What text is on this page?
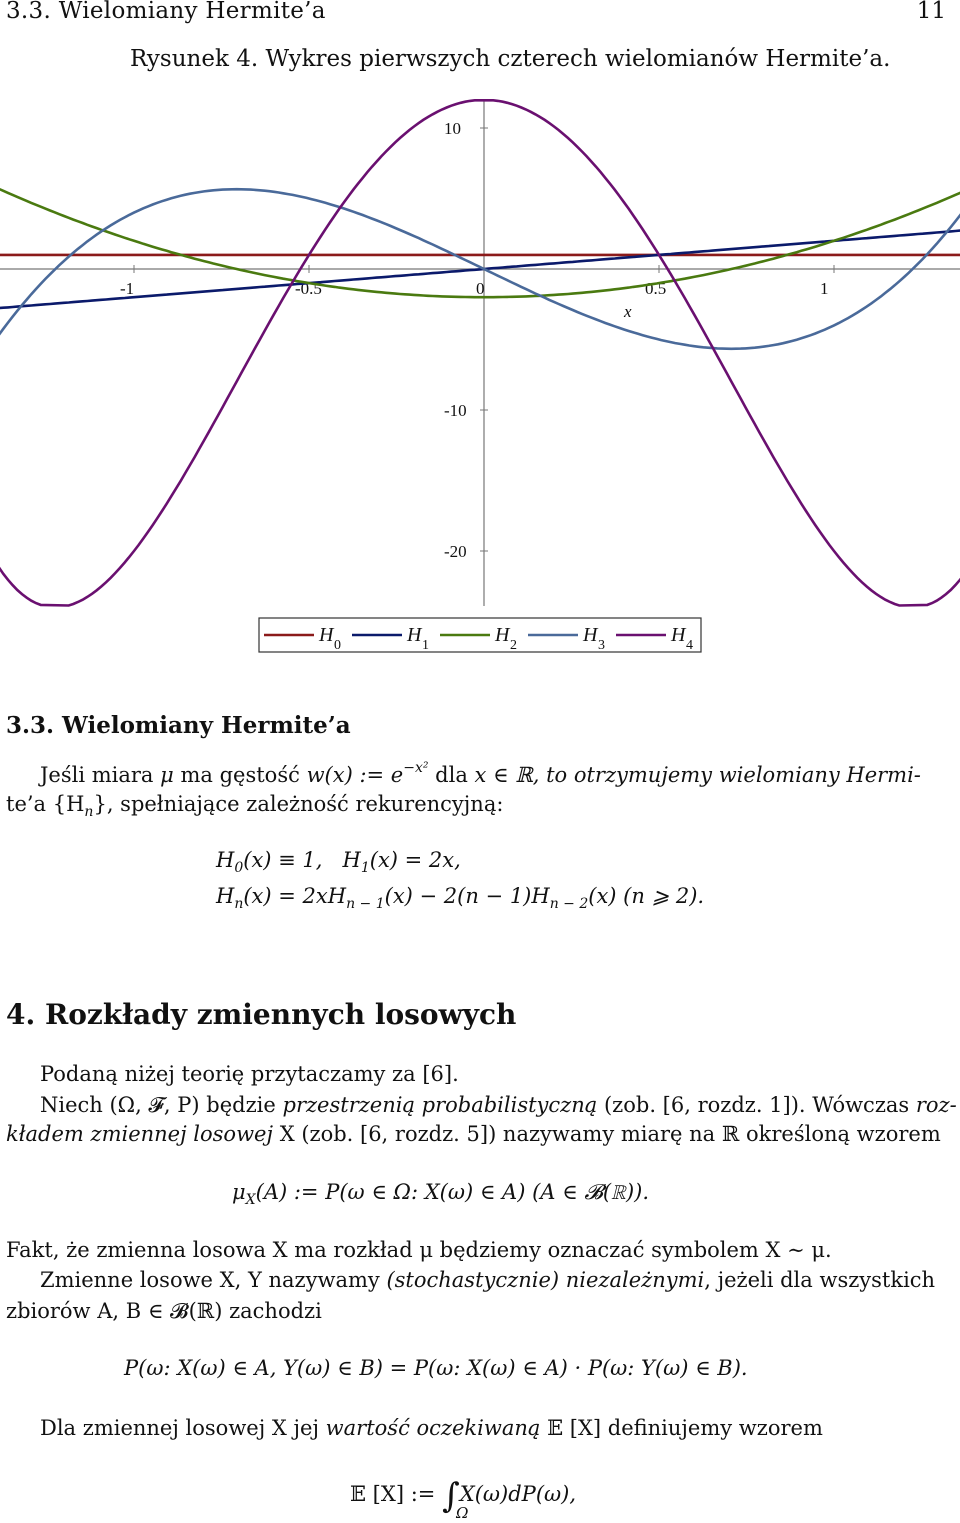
3.3. Wielomiany Hermite’a	11
Rysunek 4. Wykres pierwszych czterech wielomianów Hermite’a.
-1	-0.5	0	0.5	1
10
-10
-20
x
H 0	H 1	H 2	H 3	H 4
3.3. Wielomiany Hermite’a
Jeśli miara μ ma gęstość w(x) := $e^{-x^2}$ dla x ∈ ℝ, to otrzymujemy wielomiany Hermi-
te’a $\{H_n\}$, spełniające zależność rekurencyjną:
$H_0(x) \equiv 1$, $H_1(x) = 2x$,
$H_n(x) = 2xH_{n - 1}(x) - 2(n - 1)H_{n - 2}(x)$ (n ⩾ 2).
4. Rozkłady zmiennych losowych
Podaną niżej teorię przytaczamy za [6].
Niech (Ω, 𝓕, P) będzie przestrzenią probabilistyczną (zob. [6, rozdz. 1]). Wówczas roz-
kładem zmiennej losowej X (zob. [6, rozdz. 5]) nazywamy miarę na ℝ określoną wzorem
$\mu_X(A)$ := P(ω ∈ Ω: X(ω) ∈ A) (A ∈ 𝓑(ℝ)).
Fakt, że zmienna losowa X ma rozkład μ będziemy oznaczać symbolem X ∼ μ.
Zmienne losowe X, Y nazywamy (stochastycznie) niezależnymi, jeżeli dla wszystkich
zbiorów A, B ∈ 𝓑(ℝ) zachodzi
P(ω: X(ω) ∈ A, Y(ω) ∈ B) = P(ω: X(ω) ∈ A) · P(ω: Y(ω) ∈ B).
Dla zmiennej losowej X jej wartość oczekiwaną 𝔼 [X] definiujemy wzorem
𝔼 [X] := ∫X(ω)dP(ω),
Ω
